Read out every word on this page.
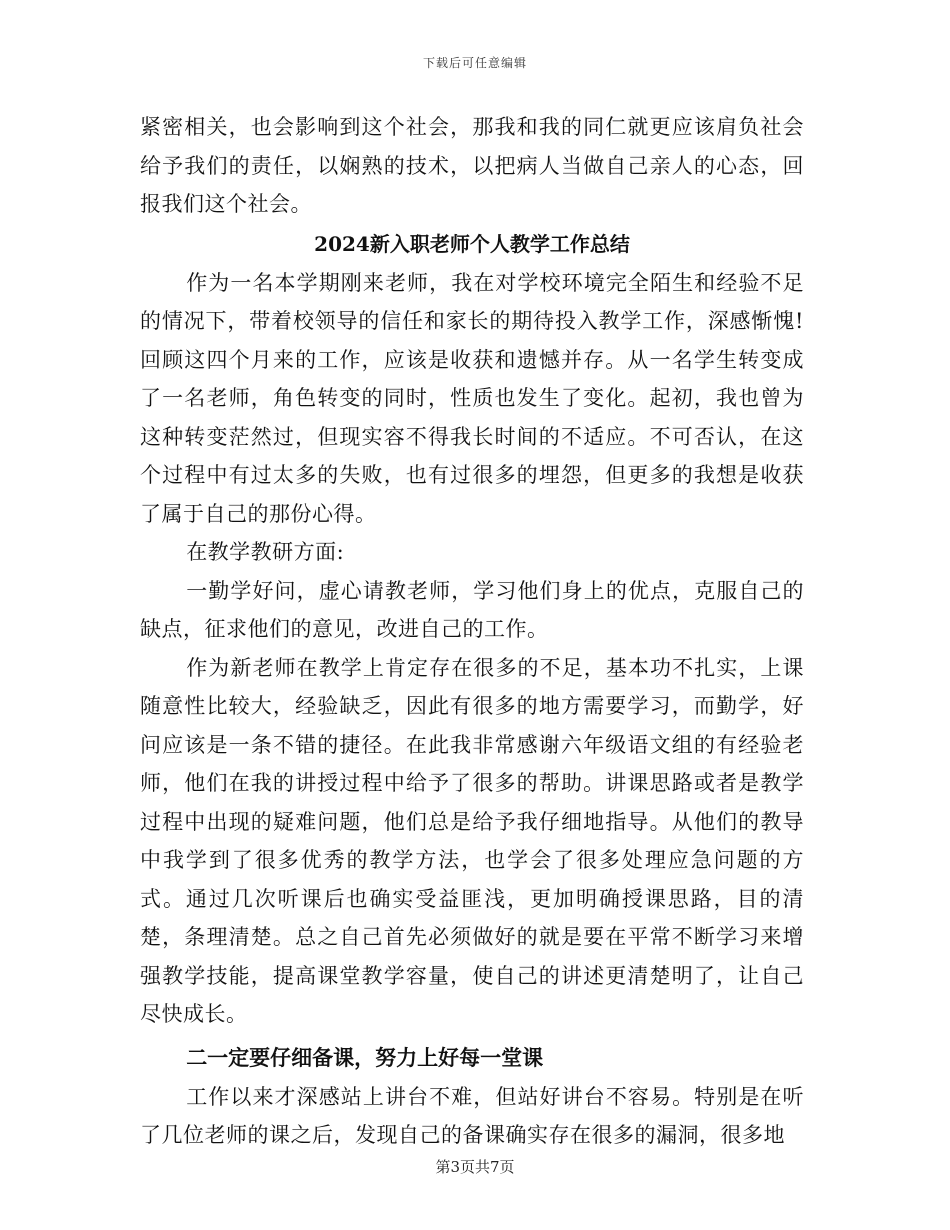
下载后可任意编辑

紧密相关，也会影响到这个社会，那我和我的同仁就更应该肩负社会给予我们的责任，以娴熟的技术，以把病人当做自己亲人的心态，回报我们这个社会。

2024新入职老师个人教学工作总结

作为一名本学期刚来老师，我在对学校环境完全陌生和经验不足的情况下，带着校领导的信任和家长的期待投入教学工作，深感惭愧!回顾这四个月来的工作，应该是收获和遗憾并存。从一名学生转变成了一名老师，角色转变的同时，性质也发生了变化。起初，我也曾为这种转变茫然过，但现实容不得我长时间的不适应。不可否认，在这个过程中有过太多的失败，也有过很多的埋怨，但更多的我想是收获了属于自己的那份心得。

在教学教研方面:

一勤学好问，虚心请教老师，学习他们身上的优点，克服自己的缺点，征求他们的意见，改进自己的工作。

作为新老师在教学上肯定存在很多的不足，基本功不扎实，上课随意性比较大，经验缺乏，因此有很多的地方需要学习，而勤学，好问应该是一条不错的捷径。在此我非常感谢六年级语文组的有经验老师，他们在我的讲授过程中给予了很多的帮助。讲课思路或者是教学过程中出现的疑难问题，他们总是给予我仔细地指导。从他们的教导中我学到了很多优秀的教学方法，也学会了很多处理应急问题的方式。通过几次听课后也确实受益匪浅，更加明确授课思路，目的清楚，条理清楚。总之自己首先必须做好的就是要在平常不断学习来增强教学技能，提高课堂教学容量，使自己的讲述更清楚明了，让自己尽快成长。

二一定要仔细备课，努力上好每一堂课

工作以来才深感站上讲台不难，但站好讲台不容易。特别是在听了几位老师的课之后，发现自己的备课确实存在很多的漏洞，很多地

第3页共7页
